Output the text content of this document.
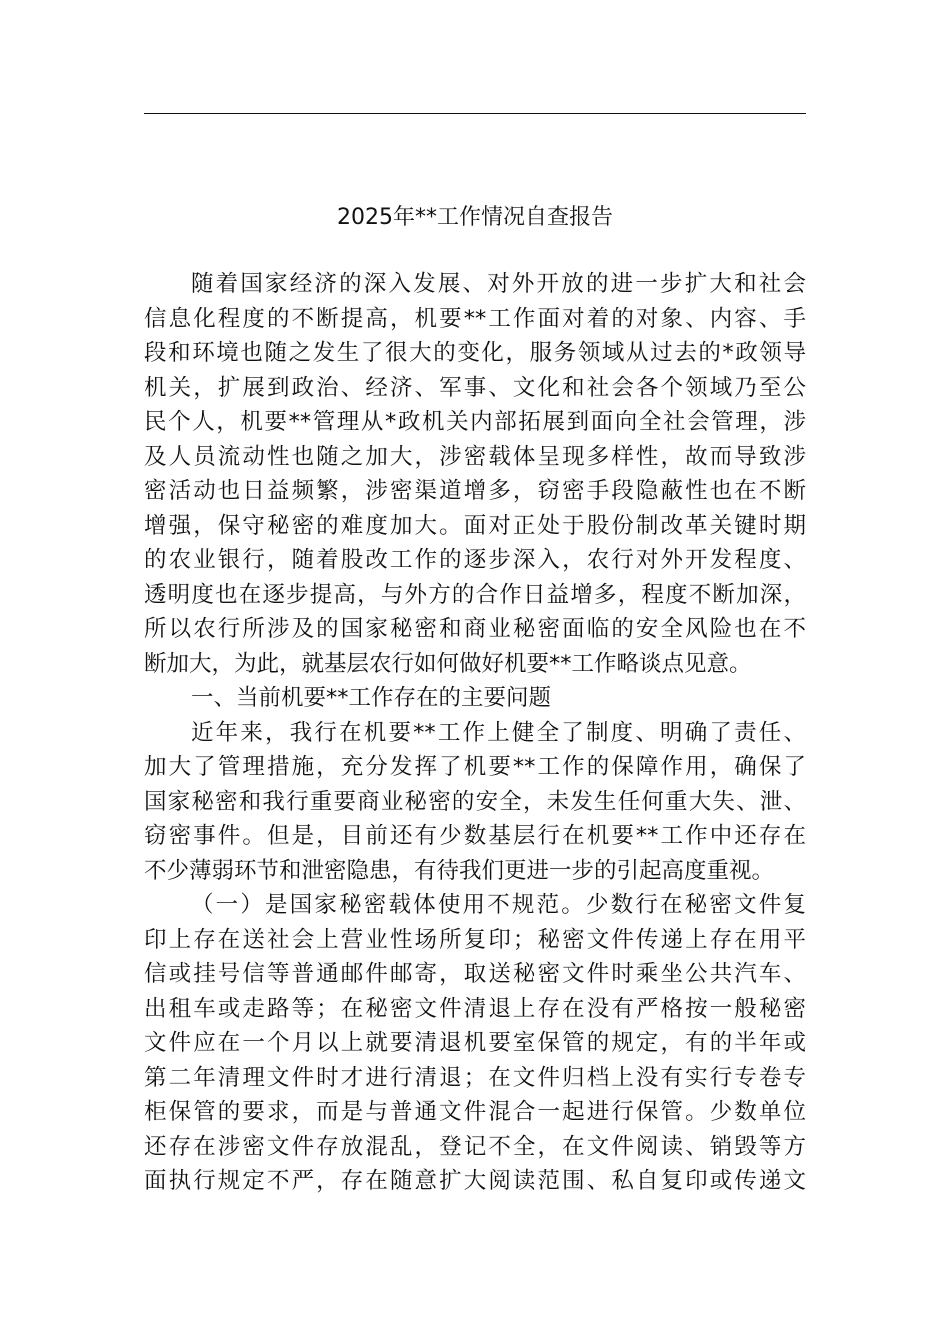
2025年**工作情况自查报告
随着国家经济的深入发展、对外开放的进一步扩大和社会
信息化程度的不断提高，机要**工作面对着的对象、内容、手
段和环境也随之发生了很大的变化，服务领域从过去的*政领导
机关，扩展到政治、经济、军事、文化和社会各个领域乃至公
民个人，机要**管理从*政机关内部拓展到面向全社会管理，涉
及人员流动性也随之加大，涉密载体呈现多样性，故而导致涉
密活动也日益频繁，涉密渠道增多，窃密手段隐蔽性也在不断
增强，保守秘密的难度加大。面对正处于股份制改革关键时期
的农业银行，随着股改工作的逐步深入，农行对外开发程度、
透明度也在逐步提高，与外方的合作日益增多，程度不断加深，
所以农行所涉及的国家秘密和商业秘密面临的安全风险也在不
断加大，为此，就基层农行如何做好机要**工作略谈点见意。
一、当前机要**工作存在的主要问题
近年来，我行在机要**工作上健全了制度、明确了责任、
加大了管理措施，充分发挥了机要**工作的保障作用，确保了
国家秘密和我行重要商业秘密的安全，未发生任何重大失、泄、
窃密事件。但是，目前还有少数基层行在机要**工作中还存在
不少薄弱环节和泄密隐患，有待我们更进一步的引起高度重视。
（一）是国家秘密载体使用不规范。少数行在秘密文件复
印上存在送社会上营业性场所复印；秘密文件传递上存在用平
信或挂号信等普通邮件邮寄，取送秘密文件时乘坐公共汽车、
出租车或走路等；在秘密文件清退上存在没有严格按一般秘密
文件应在一个月以上就要清退机要室保管的规定，有的半年或
第二年清理文件时才进行清退；在文件归档上没有实行专卷专
柜保管的要求，而是与普通文件混合一起进行保管。少数单位
还存在涉密文件存放混乱，登记不全，在文件阅读、销毁等方
面执行规定不严，存在随意扩大阅读范围、私自复印或传递文
